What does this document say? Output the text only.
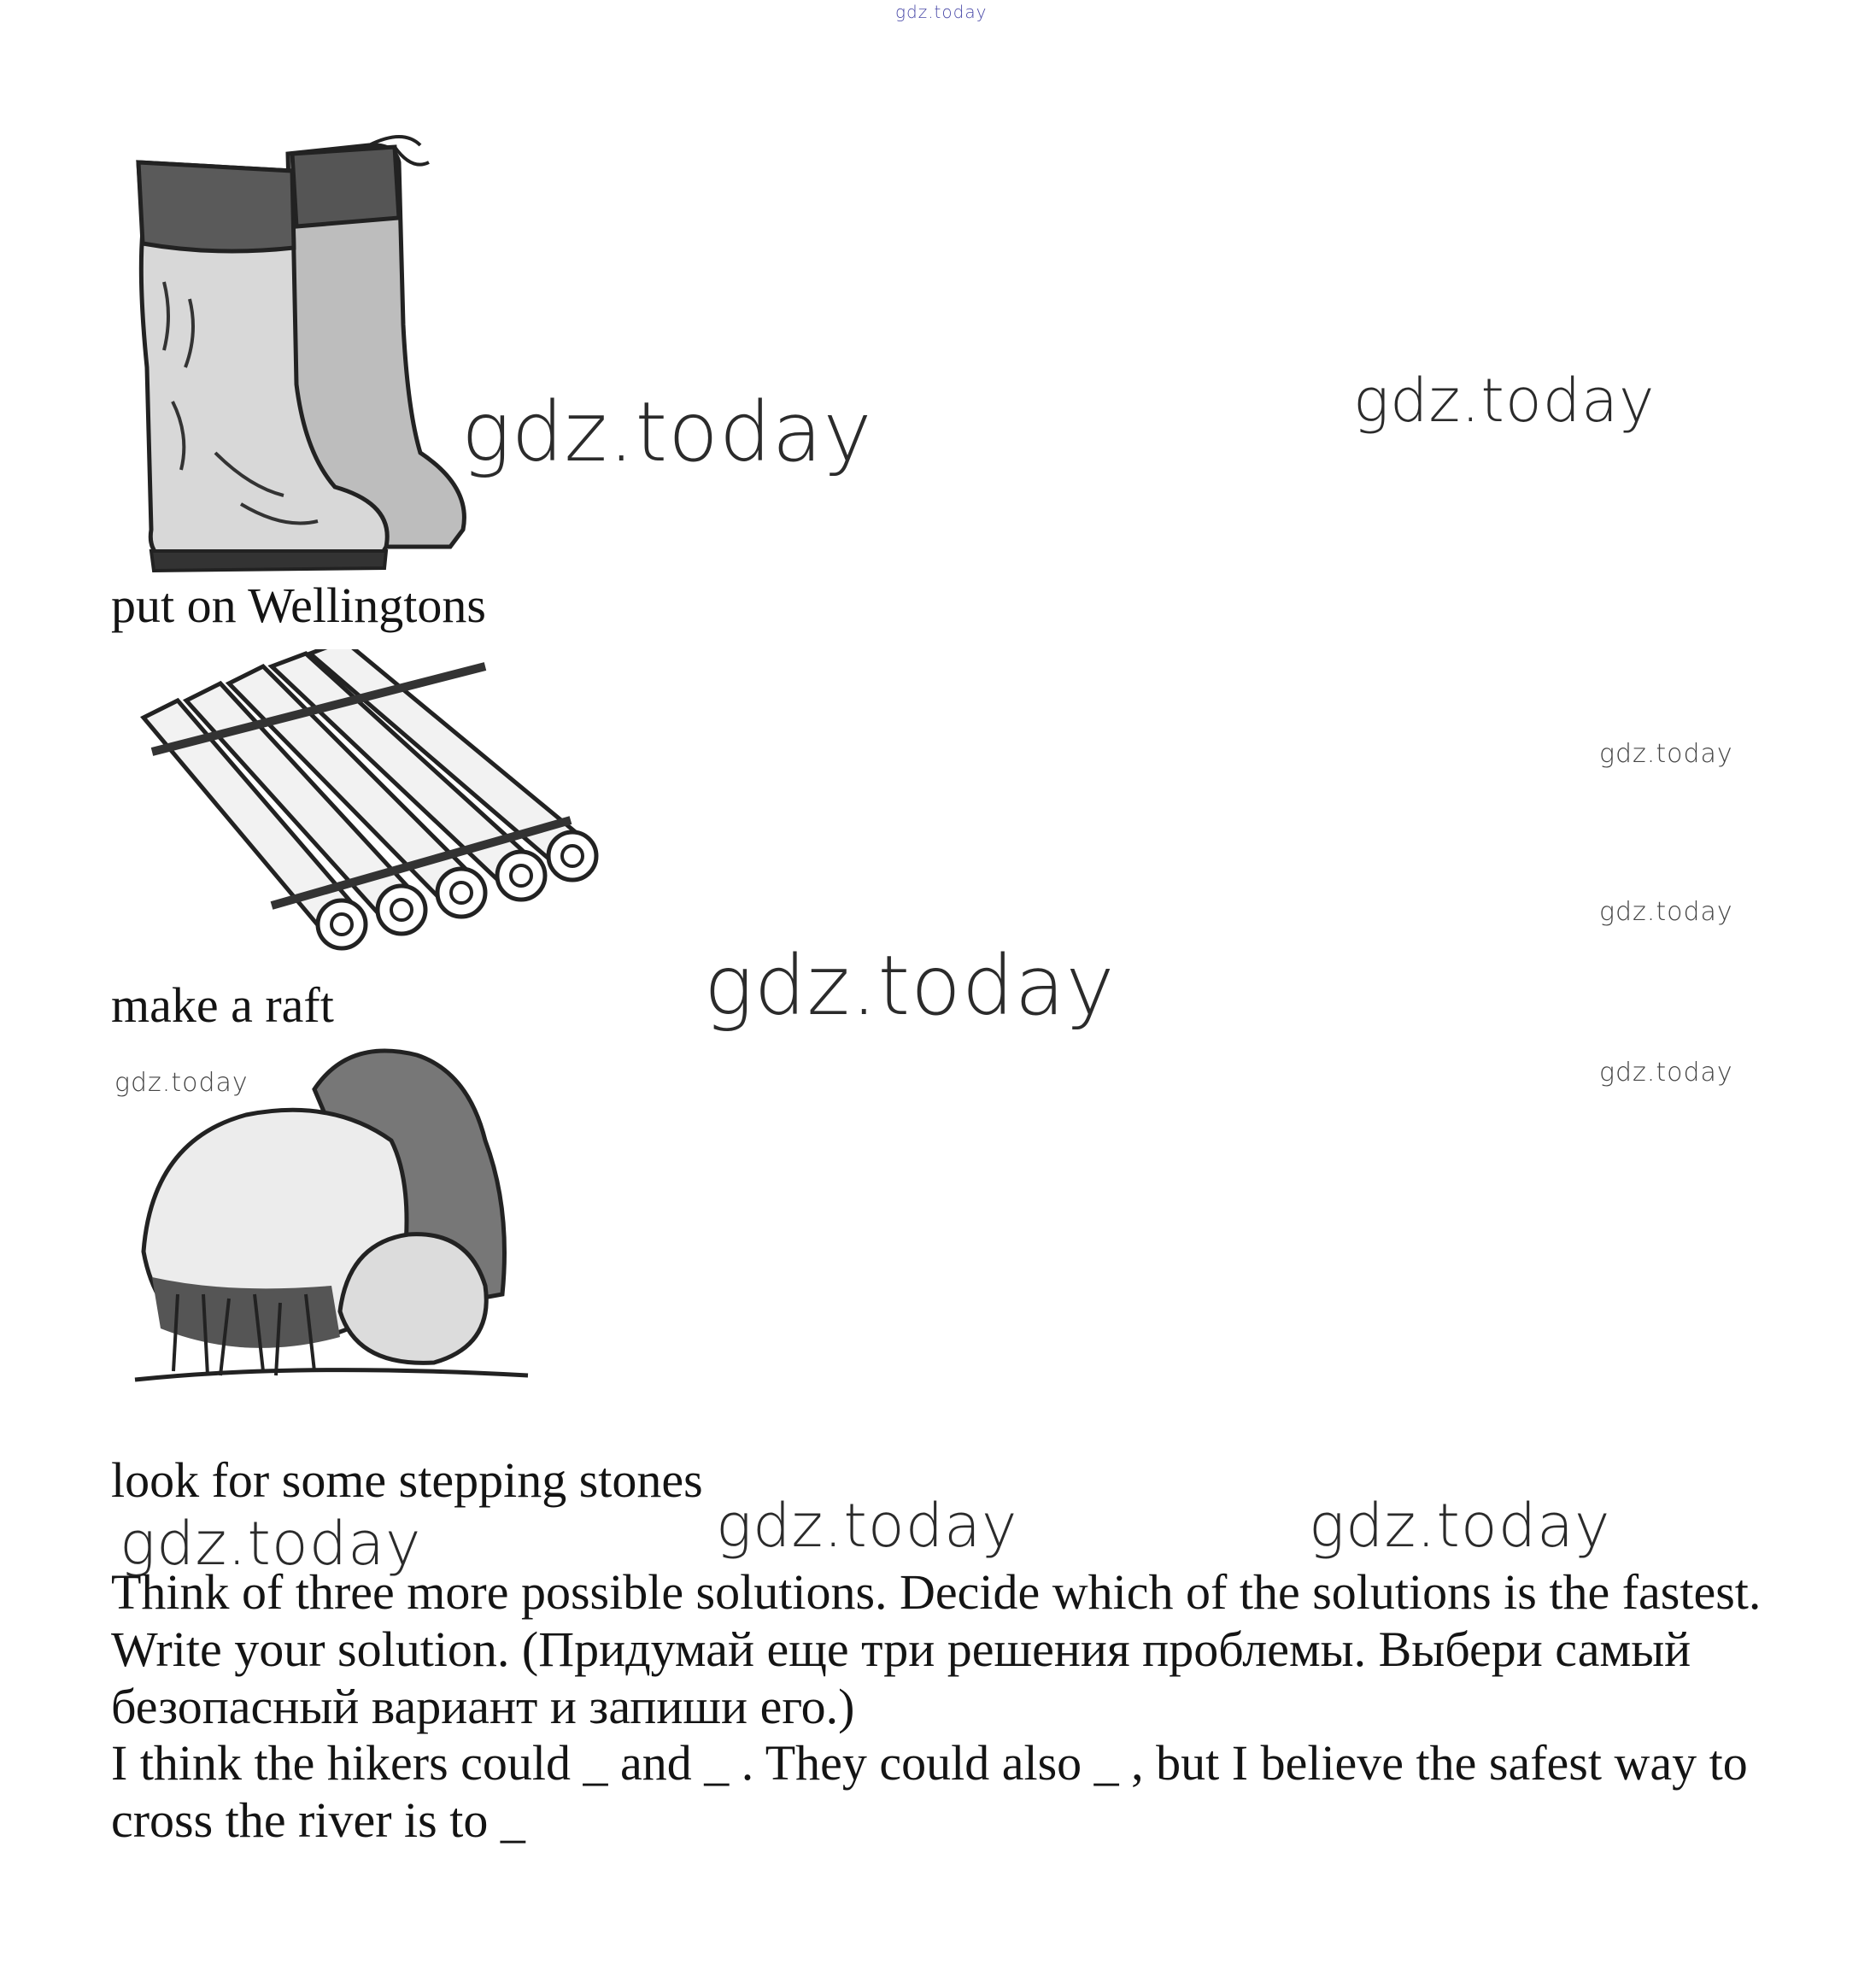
gdz.today
gdz.today	gdz.today
put on Wellingtons
gdz.today
gdz.today
gdz.today
make a raft
gdz.today
gdz.today
look for some stepping stones
gdz.today	gdz.today	gdz.today
Think of three more possible solutions. Decide which of the solutions is the fastest. Write your solution. (Придумай еще три решения проблемы. Выбери самый безопасный вариант и запиши его.)
I think the hikers could _ and _ . They could also _ , but I believe the safest way to cross the river is to _
